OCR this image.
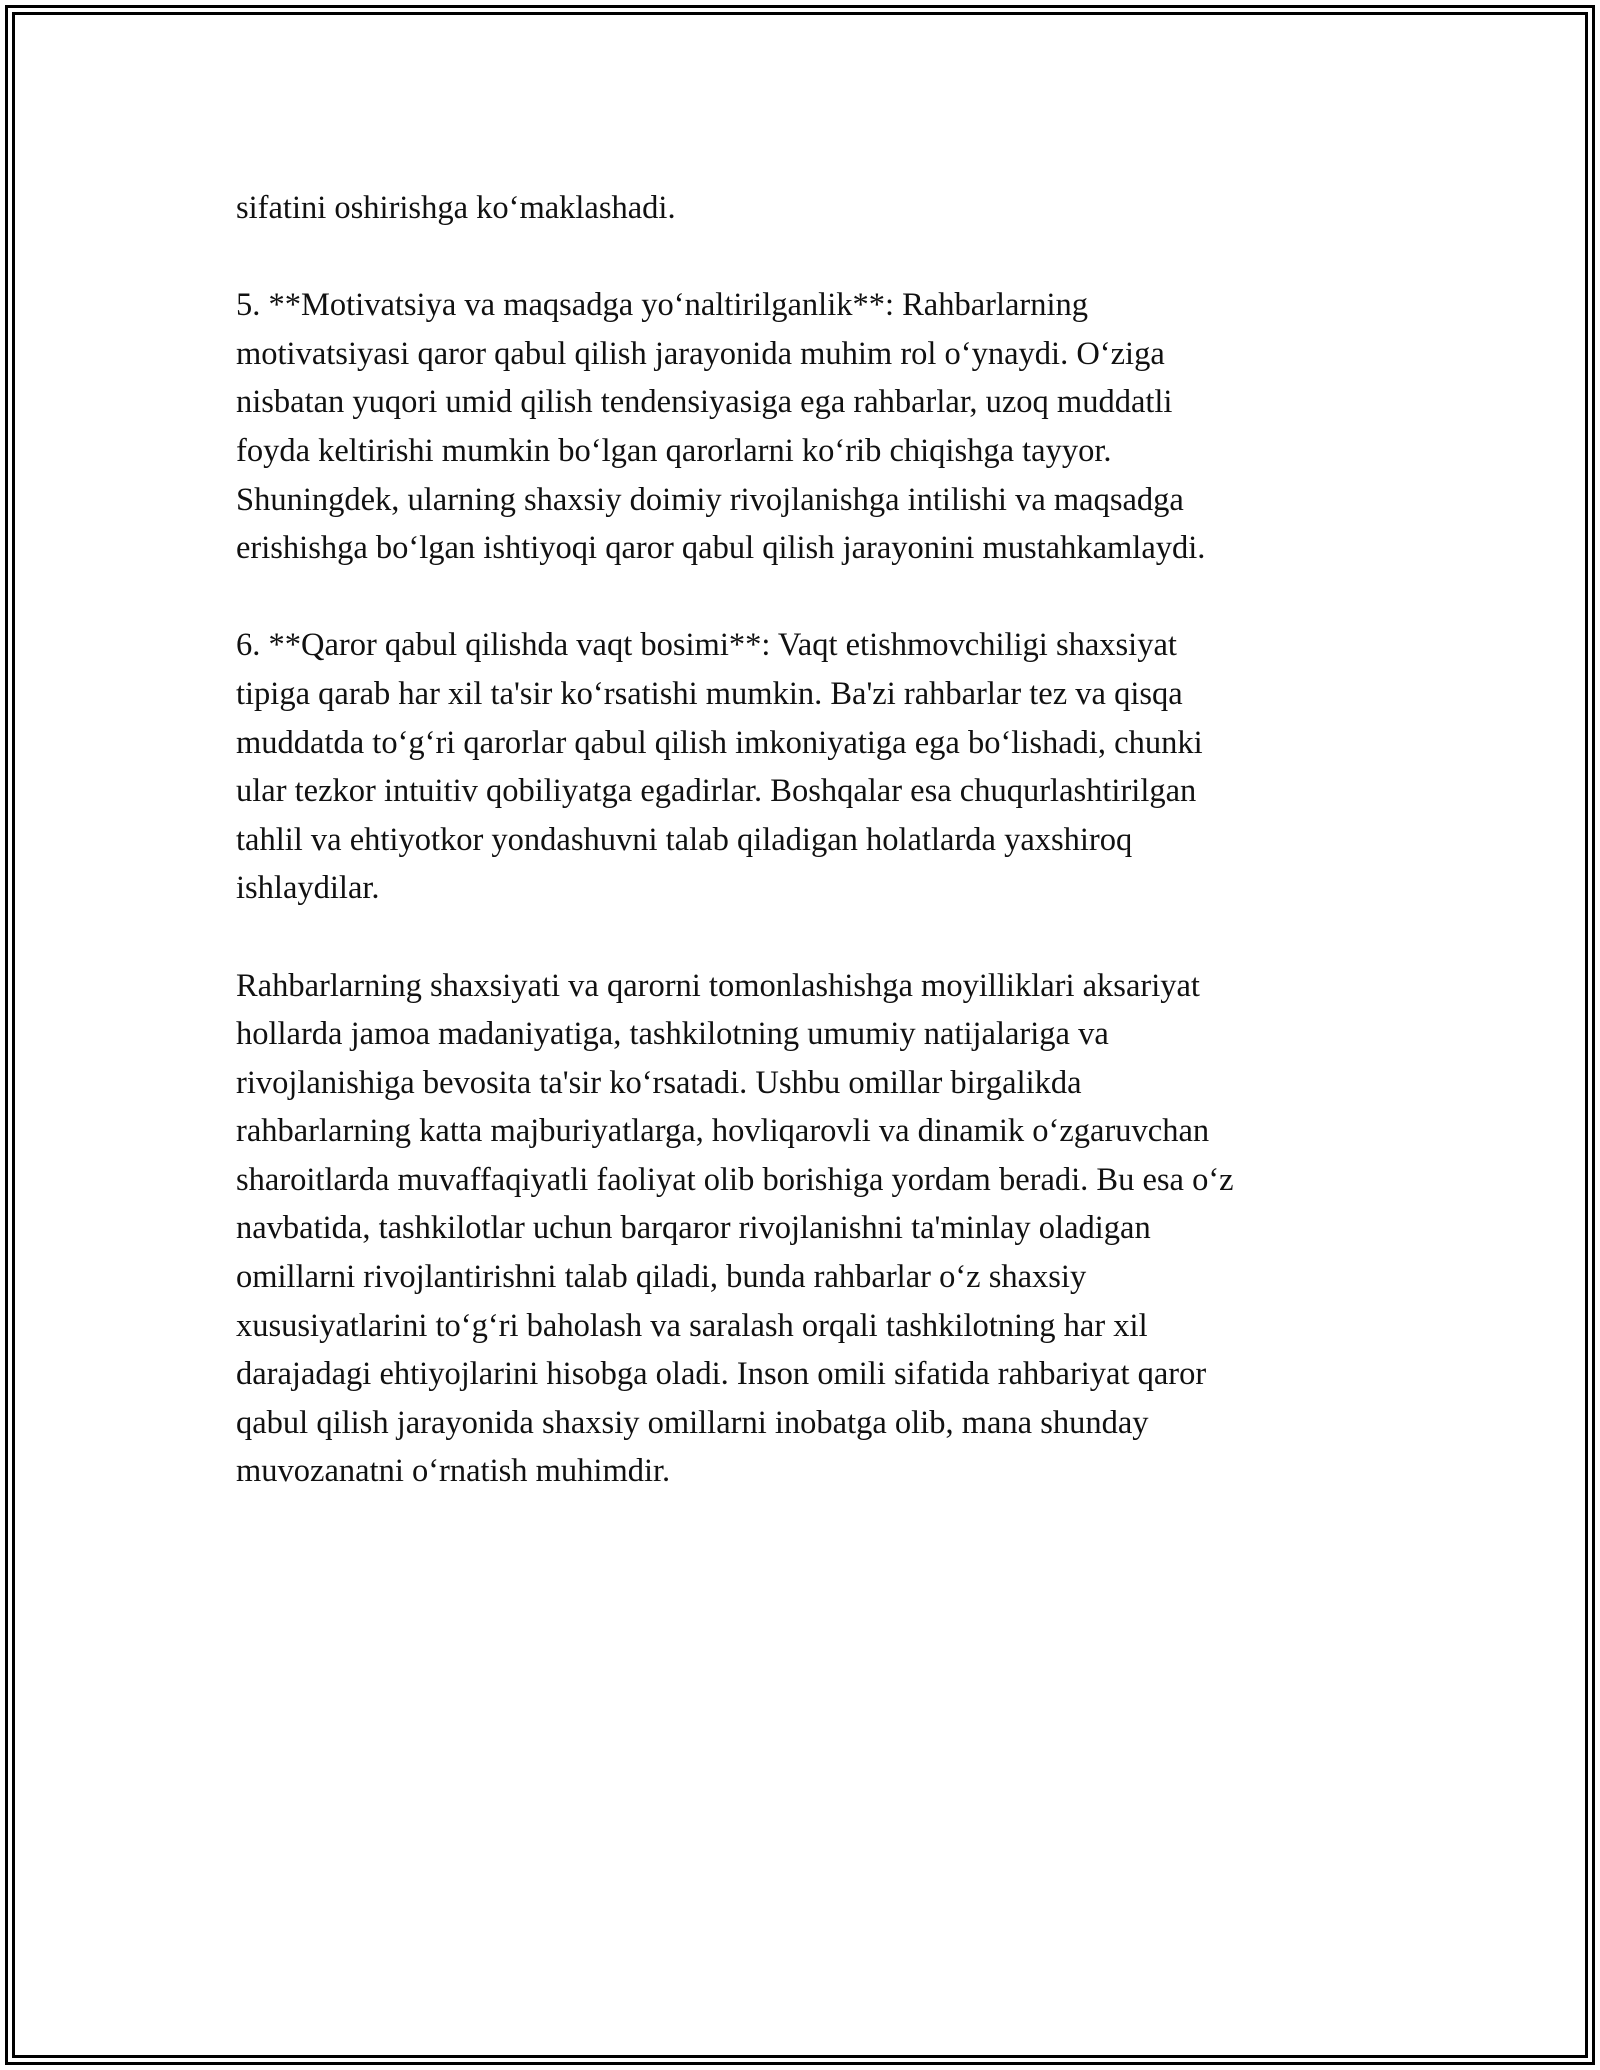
sifatini oshirishga ko‘maklashadi.

5. **Motivatsiya va maqsadga yo‘naltirilganlik**: Rahbarlarning
motivatsiyasi qaror qabul qilish jarayonida muhim rol o‘ynaydi. O‘ziga
nisbatan yuqori umid qilish tendensiyasiga ega rahbarlar, uzoq muddatli
foyda keltirishi mumkin bo‘lgan qarorlarni ko‘rib chiqishga tayyor.
Shuningdek, ularning shaxsiy doimiy rivojlanishga intilishi va maqsadga
erishishga bo‘lgan ishtiyoqi qaror qabul qilish jarayonini mustahkamlaydi.

6. **Qaror qabul qilishda vaqt bosimi**: Vaqt etishmovchiligi shaxsiyat
tipiga qarab har xil ta'sir ko‘rsatishi mumkin. Ba'zi rahbarlar tez va qisqa
muddatda to‘g‘ri qarorlar qabul qilish imkoniyatiga ega bo‘lishadi, chunki
ular tezkor intuitiv qobiliyatga egadirlar. Boshqalar esa chuqurlashtirilgan
tahlil va ehtiyotkor yondashuvni talab qiladigan holatlarda yaxshiroq
ishlaydilar.

Rahbarlarning shaxsiyati va qarorni tomonlashishga moyilliklari aksariyat
hollarda jamoa madaniyatiga, tashkilotning umumiy natijalariga va
rivojlanishiga bevosita ta'sir ko‘rsatadi. Ushbu omillar birgalikda
rahbarlarning katta majburiyatlarga, hovliqarovli va dinamik o‘zgaruvchan
sharoitlarda muvaffaqiyatli faoliyat olib borishiga yordam beradi. Bu esa o‘z
navbatida, tashkilotlar uchun barqaror rivojlanishni ta'minlay oladigan
omillarni rivojlantirishni talab qiladi, bunda rahbarlar o‘z shaxsiy
xususiyatlarini to‘g‘ri baholash va saralash orqali tashkilotning har xil
darajadagi ehtiyojlarini hisobga oladi. Inson omili sifatida rahbariyat qaror
qabul qilish jarayonida shaxsiy omillarni inobatga olib, mana shunday
muvozanatni o‘rnatish muhimdir.
